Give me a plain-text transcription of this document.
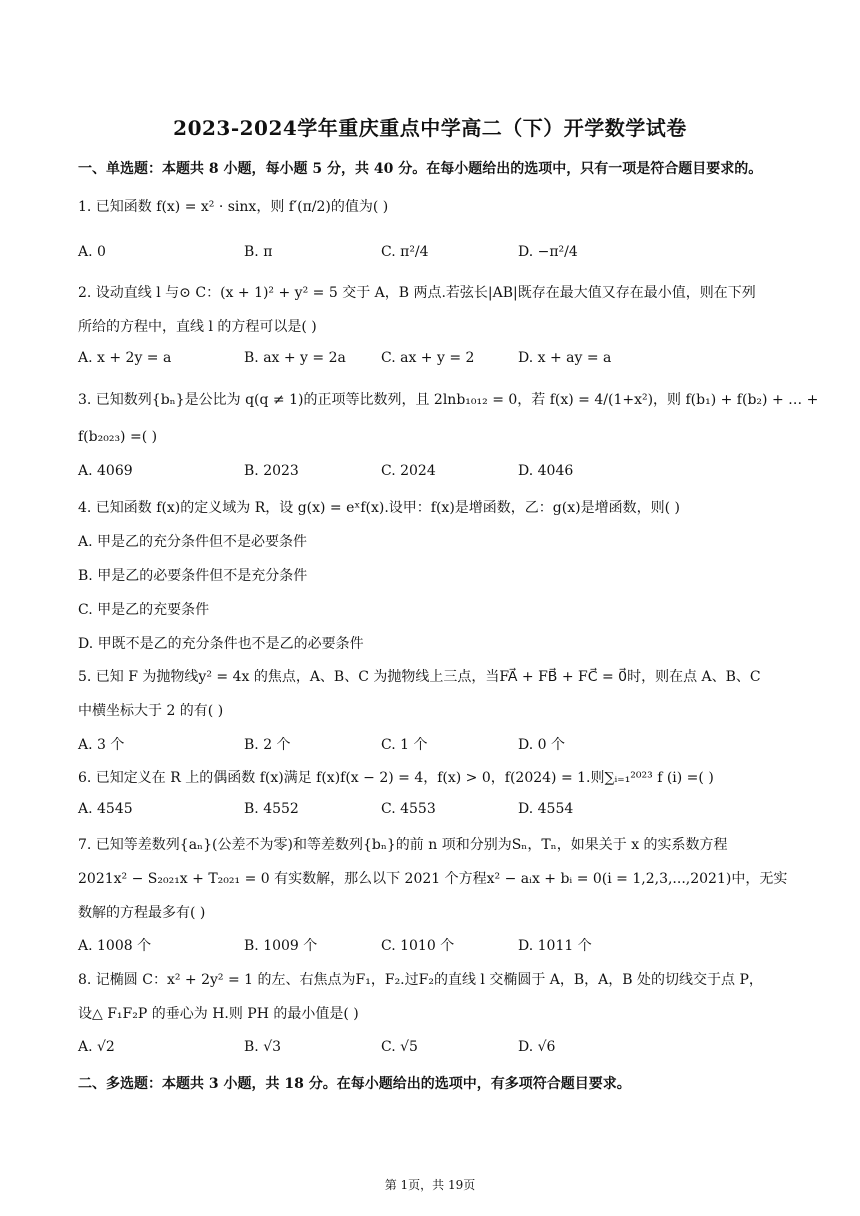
2023-2024学年重庆重点中学高二（下）开学数学试卷
一、单选题：本题共 8 小题，每小题 5 分，共 40 分。在每小题给出的选项中，只有一项是符合题目要求的。
1. 已知函数 f(x) = x² · sinx，则 f′(π/2)的值为( )
A. 0	B. π	C. π²/4	D. −π²/4
2. 设动直线 l 与⊙ C：(x + 1)² + y² = 5 交于 A，B 两点.若弦长|AB|既存在最大值又存在最小值，则在下列
所给的方程中，直线 l 的方程可以是( )
A. x + 2y = a	B. ax + y = 2a	C. ax + y = 2	D. x + ay = a
3. 已知数列{bₙ}是公比为 q(q ≠ 1)的正项等比数列，且 2lnb₁₀₁₂ = 0，若 f(x) = 4/(1+x²)，则 f(b₁) + f(b₂) + … +
f(b₂₀₂₃) =( )
A. 4069	B. 2023	C. 2024	D. 4046
4. 已知函数 f(x)的定义域为 R，设 g(x) = eˣf(x).设甲：f(x)是增函数，乙：g(x)是增函数，则( )
A. 甲是乙的充分条件但不是必要条件
B. 甲是乙的必要条件但不是充分条件
C. 甲是乙的充要条件
D. 甲既不是乙的充分条件也不是乙的必要条件
5. 已知 F 为抛物线y² = 4x 的焦点，A、B、C 为抛物线上三点，当FA⃗ + FB⃗ + FC⃗ = 0⃗时，则在点 A、B、C
中横坐标大于 2 的有( )
A. 3 个	B. 2 个	C. 1 个	D. 0 个
6. 已知定义在 R 上的偶函数 f(x)满足 f(x)f(x − 2) = 4，f(x) > 0，f(2024) = 1.则∑ᵢ₌₁²⁰²³ f (i) =( )
A. 4545	B. 4552	C. 4553	D. 4554
7. 已知等差数列{aₙ}(公差不为零)和等差数列{bₙ}的前 n 项和分别为Sₙ，Tₙ，如果关于 x 的实系数方程
2021x² − S₂₀₂₁x + T₂₀₂₁ = 0 有实数解，那么以下 2021 个方程x² − aᵢx + bᵢ = 0(i = 1,2,3,...,2021)中，无实
数解的方程最多有( )
A. 1008 个	B. 1009 个	C. 1010 个	D. 1011 个
8. 记椭圆 C：x² + 2y² = 1 的左、右焦点为F₁，F₂.过F₂的直线 l 交椭圆于 A，B，A，B 处的切线交于点 P，
设△ F₁F₂P 的垂心为 H.则 PH 的最小值是( )
A. √2	B. √3	C. √5	D. √6
二、多选题：本题共 3 小题，共 18 分。在每小题给出的选项中，有多项符合题目要求。
第 1页，共 19页
